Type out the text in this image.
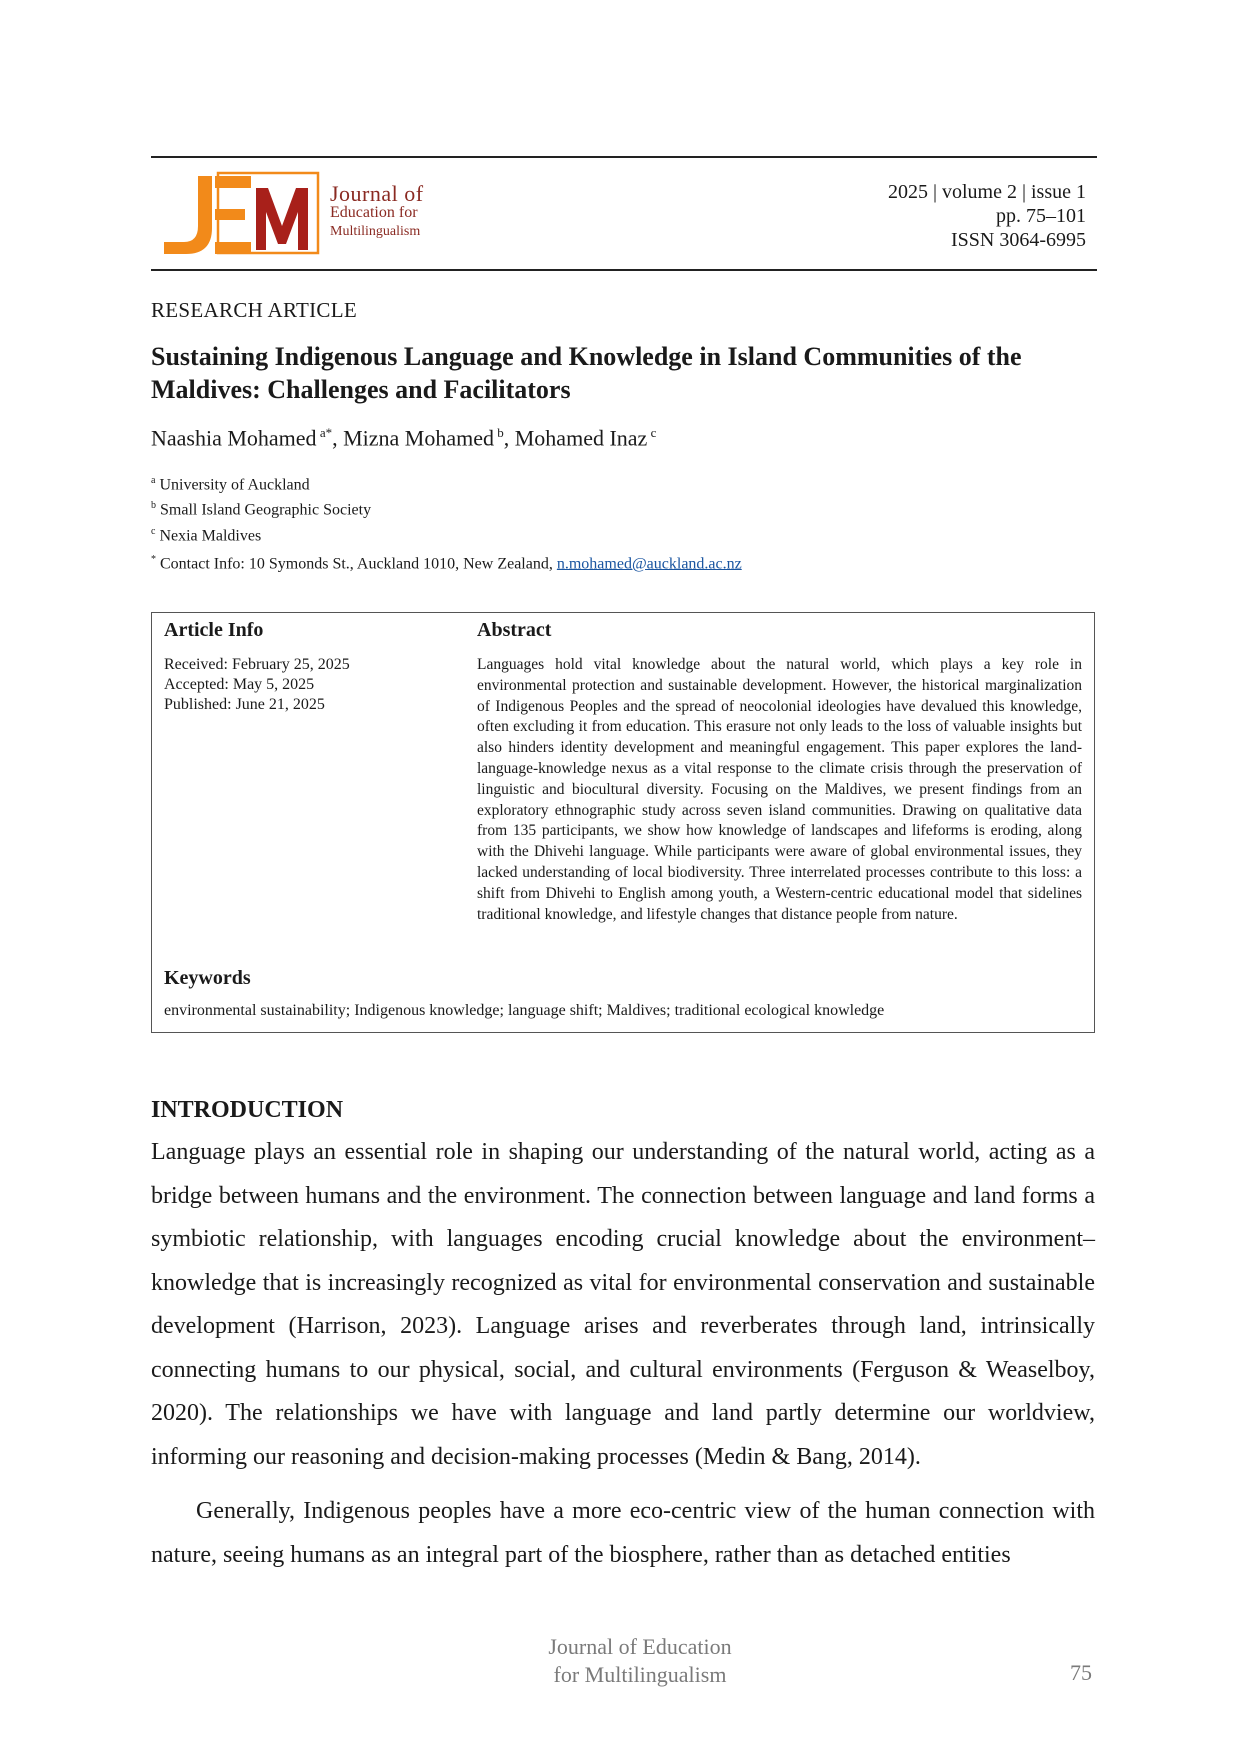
Journal of
Education for
Multilingualism
2025 | volume 2 | issue 1
pp. 75–101
ISSN 3064-6995
RESEARCH ARTICLE
Sustaining Indigenous Language and Knowledge in Island Communities of the Maldives: Challenges and Facilitators
Naashia Mohamed $^{a*}$, Mizna Mohamed $^b$, Mohamed Inaz $^c$
$^a$ University of Auckland
$^b$ Small Island Geographic Society
$^c$ Nexia Maldives
* Contact Info: 10 Symonds St., Auckland 1010, New Zealand, n.mohamed@auckland.ac.nz
Article Info
Received: February 25, 2025
Accepted: May 5, 2025
Published: June 21, 2025
Abstract
Languages hold vital knowledge about the natural world, which plays a key role in environmental protection and sustainable development. However, the historical marginalization of Indigenous Peoples and the spread of neocolonial ideologies have devalued this knowledge, often excluding it from education. This erasure not only leads to the loss of valuable insights but also hinders identity development and meaningful engagement. This paper explores the land-language-knowledge nexus as a vital response to the climate crisis through the preservation of linguistic and biocultural diversity. Focusing on the Maldives, we present findings from an exploratory ethnographic study across seven island communities. Drawing on qualitative data from 135 participants, we show how knowledge of landscapes and lifeforms is eroding, along with the Dhivehi language. While participants were aware of global environmental issues, they lacked understanding of local biodiversity. Three interrelated processes contribute to this loss: a shift from Dhivehi to English among youth, a Western-centric educational model that sidelines traditional knowledge, and lifestyle changes that distance people from nature.
Keywords
environmental sustainability; Indigenous knowledge; language shift; Maldives; traditional ecological knowledge
INTRODUCTION
Language plays an essential role in shaping our understanding of the natural world, acting as a bridge between humans and the environment. The connection between language and land forms a symbiotic relationship, with languages encoding crucial knowledge about the environment–knowledge that is increasingly recognized as vital for environmental conservation and sustainable development (Harrison, 2023). Language arises and reverberates through land, intrinsically connecting humans to our physical, social, and cultural environments (Ferguson & Weaselboy, 2020). The relationships we have with language and land partly determine our worldview, informing our reasoning and decision-making processes (Medin & Bang, 2014).
Generally, Indigenous peoples have a more eco-centric view of the human connection with nature, seeing humans as an integral part of the biosphere, rather than as detached entities
Journal of Education
for Multilingualism	75
